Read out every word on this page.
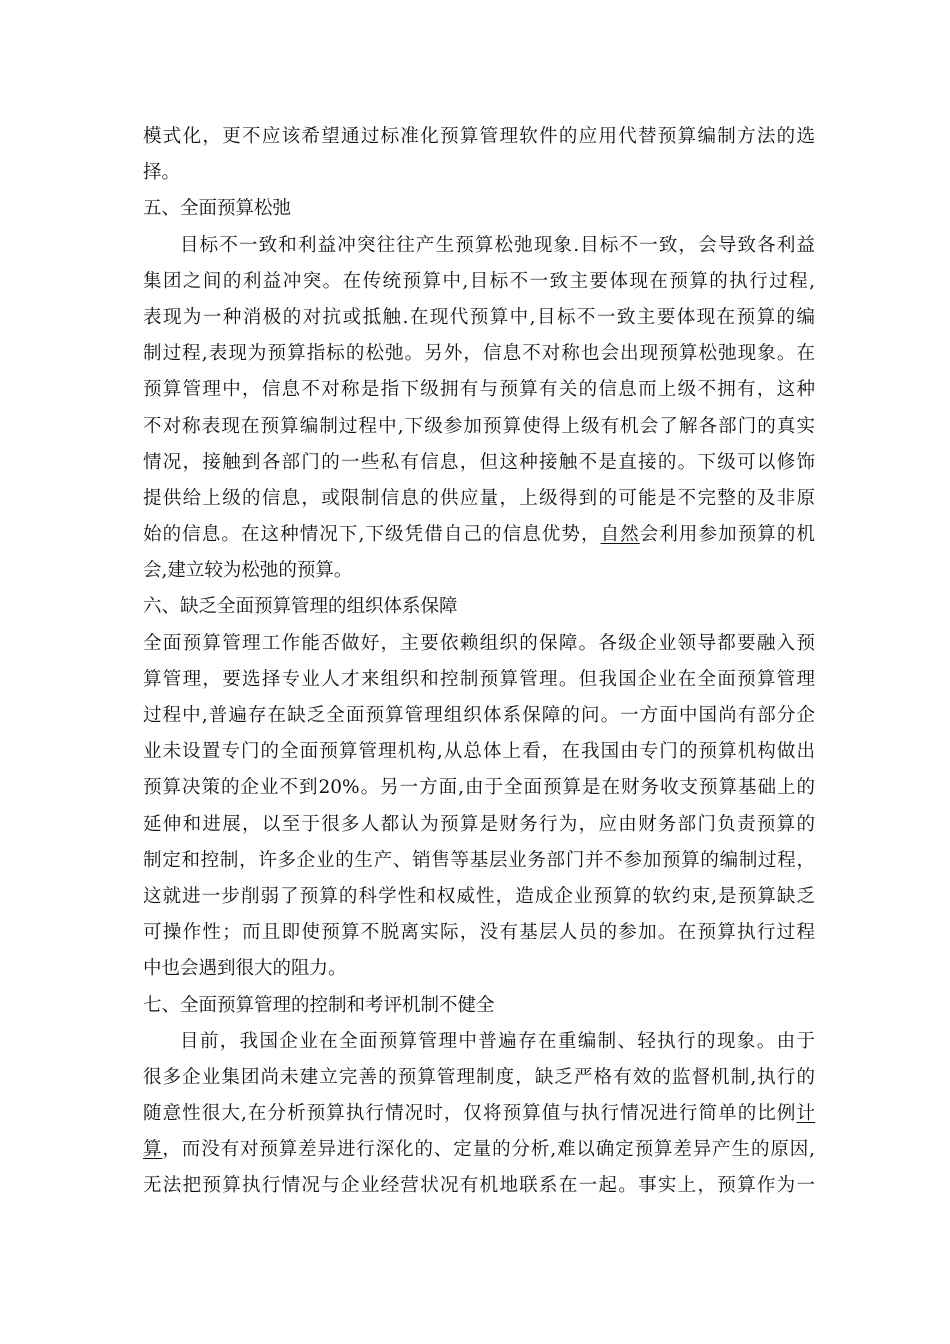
模式化，更不应该希望通过标准化预算管理软件的应用代替预算编制方法的选
择。
五、全面预算松弛
目标不一致和利益冲突往往产生预算松弛现象.目标不一致，会导致各利益
集团之间的利益冲突。在传统预算中,目标不一致主要体现在预算的执行过程,
表现为一种消极的对抗或抵触.在现代预算中,目标不一致主要体现在预算的编
制过程,表现为预算指标的松弛。另外，信息不对称也会出现预算松弛现象。在
预算管理中，信息不对称是指下级拥有与预算有关的信息而上级不拥有，这种
不对称表现在预算编制过程中,下级参加预算使得上级有机会了解各部门的真实
情况，接触到各部门的一些私有信息，但这种接触不是直接的。下级可以修饰
提供给上级的信息，或限制信息的供应量，上级得到的可能是不完整的及非原
始的信息。在这种情况下,下级凭借自己的信息优势，自然会利用参加预算的机
会,建立较为松弛的预算。
六、缺乏全面预算管理的组织体系保障
全面预算管理工作能否做好，主要依赖组织的保障。各级企业领导都要融入预
算管理，要选择专业人才来组织和控制预算管理。但我国企业在全面预算管理
过程中,普遍存在缺乏全面预算管理组织体系保障的问。一方面中国尚有部分企
业未设置专门的全面预算管理机构,从总体上看，在我国由专门的预算机构做出
预算决策的企业不到20%。另一方面,由于全面预算是在财务收支预算基础上的
延伸和进展，以至于很多人都认为预算是财务行为，应由财务部门负责预算的
制定和控制，许多企业的生产、销售等基层业务部门并不参加预算的编制过程，
这就进一步削弱了预算的科学性和权威性，造成企业预算的软约束,是预算缺乏
可操作性；而且即使预算不脱离实际，没有基层人员的参加。在预算执行过程
中也会遇到很大的阻力。
七、全面预算管理的控制和考评机制不健全
目前，我国企业在全面预算管理中普遍存在重编制、轻执行的现象。由于
很多企业集团尚未建立完善的预算管理制度，缺乏严格有效的监督机制,执行的
随意性很大,在分析预算执行情况时，仅将预算值与执行情况进行简单的比例计
算，而没有对预算差异进行深化的、定量的分析,难以确定预算差异产生的原因,
无法把预算执行情况与企业经营状况有机地联系在一起。事实上，预算作为一
